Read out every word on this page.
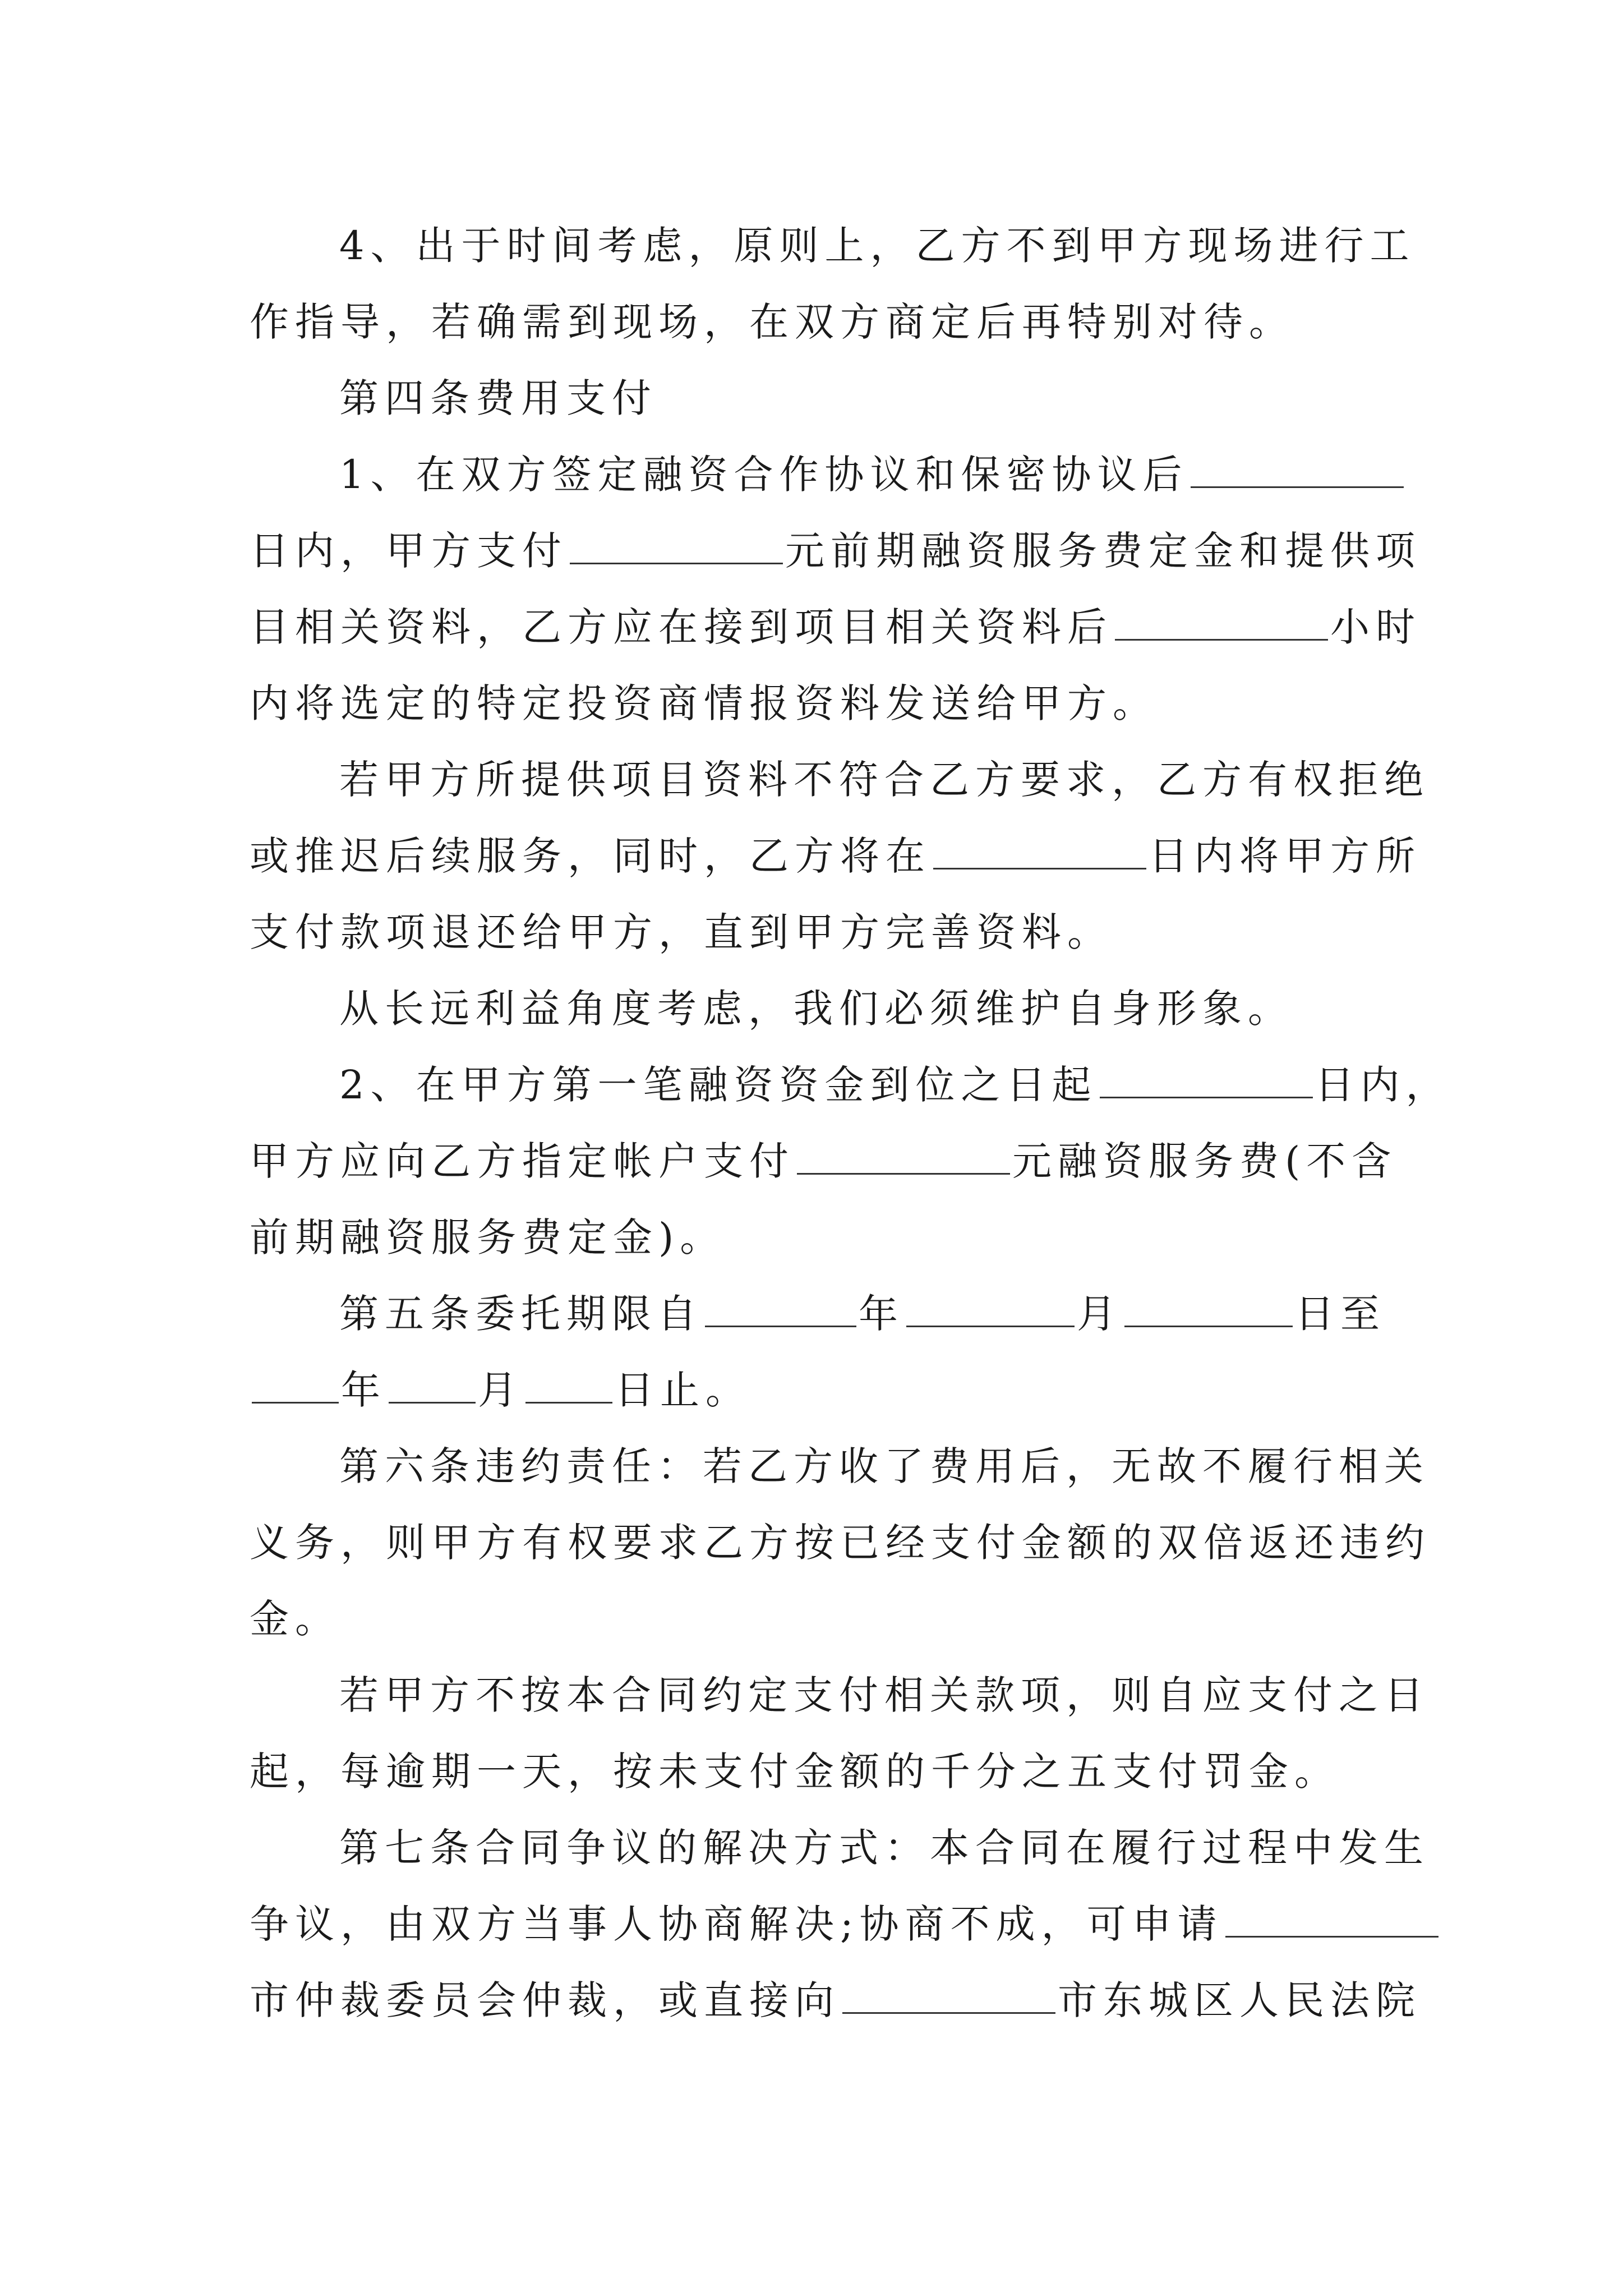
4、出于时间考虑，原则上，乙方不到甲方现场进行工
作指导，若确需到现场，在双方商定后再特别对待。
第四条费用支付
1、在双方签定融资合作协议和保密协议后
日内，甲方支付	元前期融资服务费定金和提供项
目相关资料，乙方应在接到项目相关资料后	小时
内将选定的特定投资商情报资料发送给甲方。
若甲方所提供项目资料不符合乙方要求，乙方有权拒绝
或推迟后续服务，同时，乙方将在	日内将甲方所
支付款项退还给甲方，直到甲方完善资料。
从长远利益角度考虑，我们必须维护自身形象。
2、在甲方第一笔融资资金到位之日起	日内，
甲方应向乙方指定帐户支付	元融资服务费(不含
前期融资服务费定金)。
第五条委托期限自	年	月	日至
年 月 日止。
第六条违约责任：若乙方收了费用后，无故不履行相关
义务，则甲方有权要求乙方按已经支付金额的双倍返还违约
金。
若甲方不按本合同约定支付相关款项，则自应支付之日
起，每逾期一天，按未支付金额的千分之五支付罚金。
第七条合同争议的解决方式：本合同在履行过程中发生
争议，由双方当事人协商解决;协商不成，可申请
市仲裁委员会仲裁，或直接向	市东城区人民法院
